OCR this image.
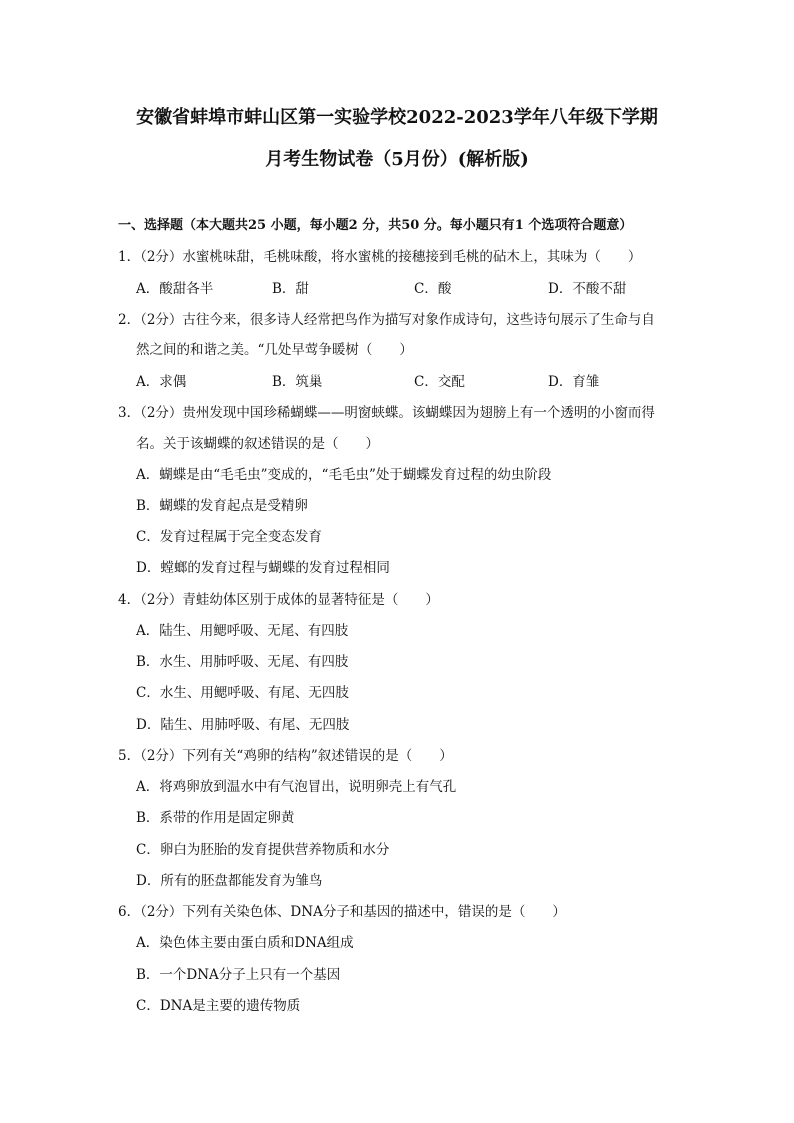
安徽省蚌埠市蚌山区第一实验学校2022-2023学年八年级下学期
月考生物试卷（5月份）(解析版)
一、选择题（本大题共25 小题，每小题2 分，共50 分。每小题只有1 个选项符合题意）
1．（2分）水蜜桃味甜，毛桃味酸，将水蜜桃的接穗接到毛桃的砧木上，其味为（　　）
A．酸甜各半	B．甜	C．酸	D．不酸不甜
2．（2分）古往今来，很多诗人经常把鸟作为描写对象作成诗句，这些诗句展示了生命与自
然之间的和谐之美。“几处早莺争暖树（　　）
A．求偶	B．筑巢	C．交配	D．育雏
3．（2分）贵州发现中国珍稀蝴蝶——明窗蛱蝶。该蝴蝶因为翅膀上有一个透明的小窗而得
名。关于该蝴蝶的叙述错误的是（　　）
A．蝴蝶是由“毛毛虫”变成的，“毛毛虫”处于蝴蝶发育过程的幼虫阶段
B．蝴蝶的发育起点是受精卵
C．发育过程属于完全变态发育
D．螳螂的发育过程与蝴蝶的发育过程相同
4．（2分）青蛙幼体区别于成体的显著特征是（　　）
A．陆生、用鳃呼吸、无尾、有四肢
B．水生、用肺呼吸、无尾、有四肢
C．水生、用鳃呼吸、有尾、无四肢
D．陆生、用肺呼吸、有尾、无四肢
5．（2分）下列有关“鸡卵的结构”叙述错误的是（　　）
A．将鸡卵放到温水中有气泡冒出，说明卵壳上有气孔
B．系带的作用是固定卵黄
C．卵白为胚胎的发育提供营养物质和水分
D．所有的胚盘都能发育为雏鸟
6．（2分）下列有关染色体、DNA分子和基因的描述中，错误的是（　　）
A．染色体主要由蛋白质和DNA组成
B．一个DNA分子上只有一个基因
C．DNA是主要的遗传物质
